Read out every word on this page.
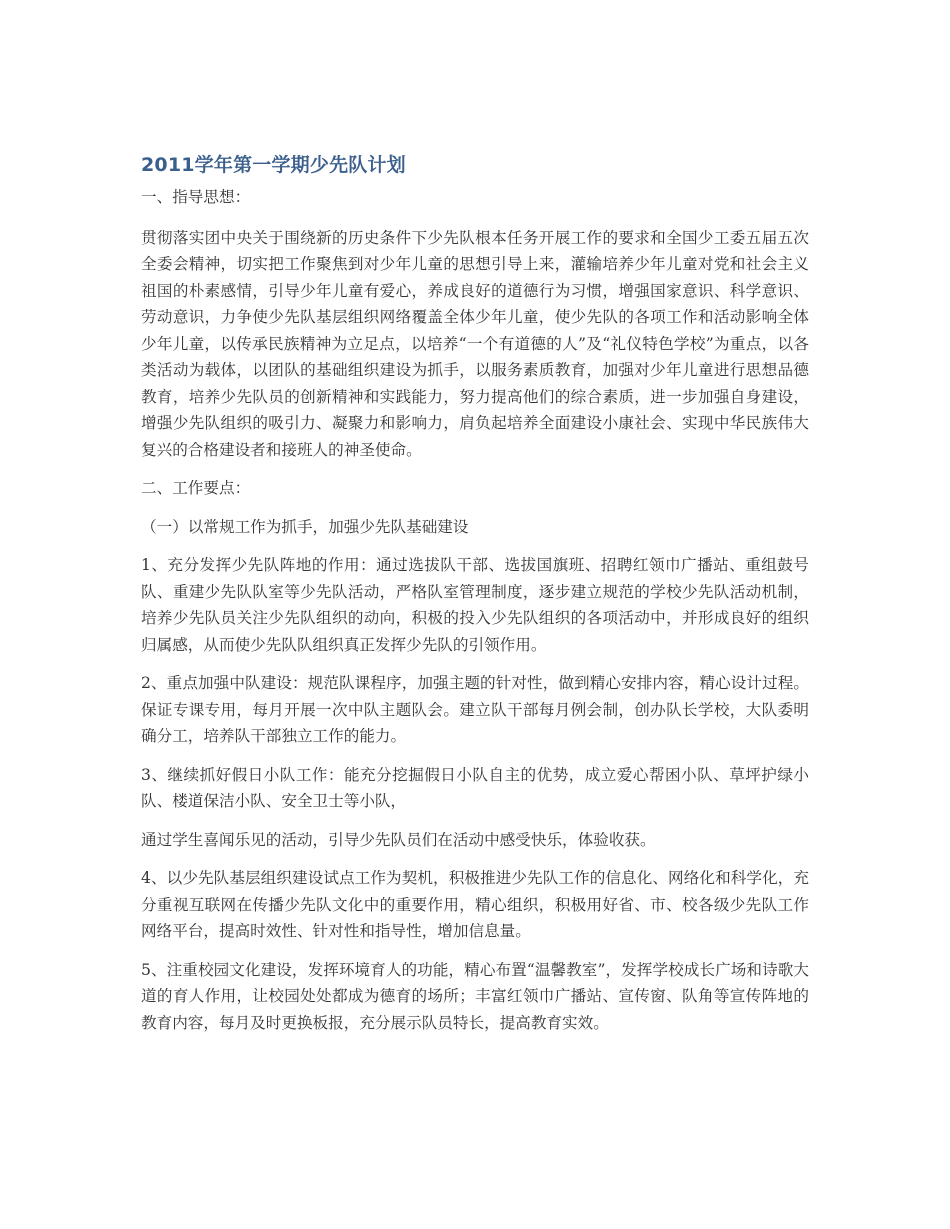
2011学年第一学期少先队计划

一、指导思想：

贯彻落实团中央关于围绕新的历史条件下少先队根本任务开展工作的要求和全国少工委五届五次全委会精神，切实把工作聚焦到对少年儿童的思想引导上来，灌输培养少年儿童对党和社会主义祖国的朴素感情，引导少年儿童有爱心，养成良好的道德行为习惯，增强国家意识、科学意识、劳动意识，力争使少先队基层组织网络覆盖全体少年儿童，使少先队的各项工作和活动影响全体少年儿童，以传承民族精神为立足点，以培养“一个有道德的人”及“礼仪特色学校”为重点，以各类活动为载体，以团队的基础组织建设为抓手，以服务素质教育，加强对少年儿童进行思想品德教育，培养少先队员的创新精神和实践能力，努力提高他们的综合素质，进一步加强自身建设，增强少先队组织的吸引力、凝聚力和影响力，肩负起培养全面建设小康社会、实现中华民族伟大复兴的合格建设者和接班人的神圣使命。

二、工作要点：

（一）以常规工作为抓手，加强少先队基础建设

1、充分发挥少先队阵地的作用：通过选拔队干部、选拔国旗班、招聘红领巾广播站、重组鼓号队、重建少先队队室等少先队活动，严格队室管理制度，逐步建立规范的学校少先队活动机制，培养少先队员关注少先队组织的动向，积极的投入少先队组织的各项活动中，并形成良好的组织归属感，从而使少先队队组织真正发挥少先队的引领作用。

2、重点加强中队建设：规范队课程序，加强主题的针对性，做到精心安排内容，精心设计过程。保证专课专用，每月开展一次中队主题队会。建立队干部每月例会制，创办队长学校，大队委明确分工，培养队干部独立工作的能力。

3、继续抓好假日小队工作：能充分挖掘假日小队自主的优势，成立爱心帮困小队、草坪护绿小队、楼道保洁小队、安全卫士等小队，

通过学生喜闻乐见的活动，引导少先队员们在活动中感受快乐，体验收获。

4、以少先队基层组织建设试点工作为契机，积极推进少先队工作的信息化、网络化和科学化，充分重视互联网在传播少先队文化中的重要作用，精心组织，积极用好省、市、校各级少先队工作网络平台，提高时效性、针对性和指导性，增加信息量。

5、注重校园文化建设，发挥环境育人的功能，精心布置“温馨教室”，发挥学校成长广场和诗歌大道的育人作用，让校园处处都成为德育的场所；丰富红领巾广播站、宣传窗、队角等宣传阵地的教育内容，每月及时更换板报，充分展示队员特长，提高教育实效。
